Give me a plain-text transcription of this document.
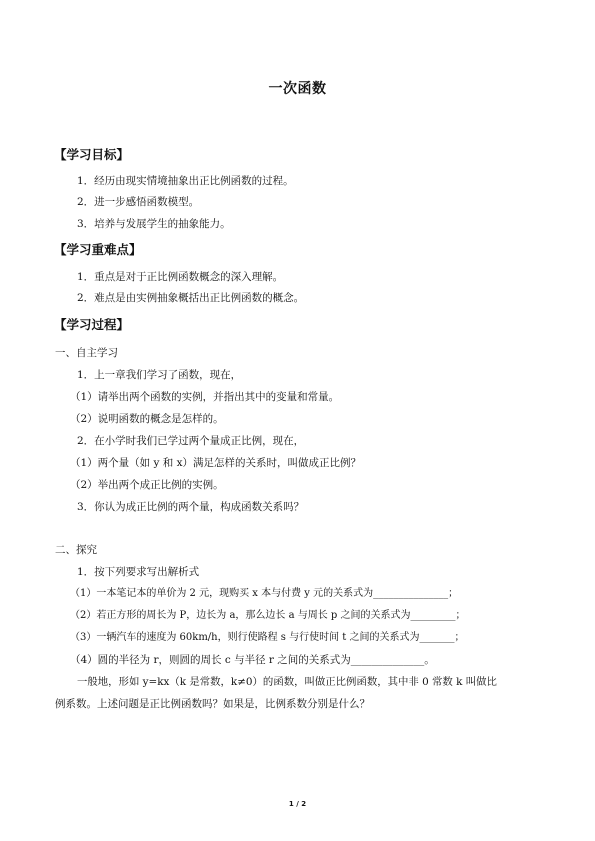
一次函数
【学习目标】
1．经历由现实情境抽象出正比例函数的过程。
2．进一步感悟函数模型。
3．培养与发展学生的抽象能力。
【学习重难点】
1．重点是对于正比例函数概念的深入理解。
2．难点是由实例抽象概括出正比例函数的概念。
【学习过程】
一、自主学习
1．上一章我们学习了函数，现在，
（1）请举出两个函数的实例，并指出其中的变量和常量。
（2）说明函数的概念是怎样的。
2．在小学时我们已学过两个量成正比例，现在，
（1）两个量（如 y 和 x）满足怎样的关系时，叫做成正比例？
（2）举出两个成正比例的实例。
3．你认为成正比例的两个量，构成函数关系吗？
二、探究
1．按下列要求写出解析式
（1）一本笔记本的单价为 2 元，现购买 x 本与付费 y 元的关系式为_______________；
（2）若正方形的周长为 P，边长为 a，那么边长 a 与周长 p 之间的关系式为_________；
（3）一辆汽车的速度为 60km/h，则行使路程 s 与行使时间 t 之间的关系式为_______；
（4）圆的半径为 r，则圆的周长 c 与半径 r 之间的关系式为______________。
一般地，形如 y=kx（k 是常数，k≠0）的函数，叫做正比例函数，其中非 0 常数 k 叫做比
例系数。上述问题是正比例函数吗？如果是，比例系数分别是什么？
1 / 2
